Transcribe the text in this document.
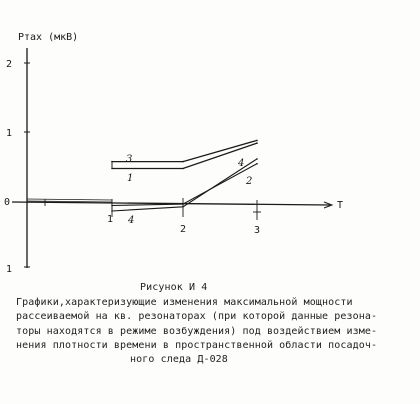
Ртах (мкВ)
Т
2
1
0
1
1
2	3
3
1
4
4
2
Рисунок И 4
Графики,характеризующие изменения максимальной мощности
рассеиваемой на кв. резонаторах (при которой данные резона-
торы находятся в режиме возбуждения) под воздействием изме-
нения плотности времени в пространственной области посадоч-
ного следа Д-028
